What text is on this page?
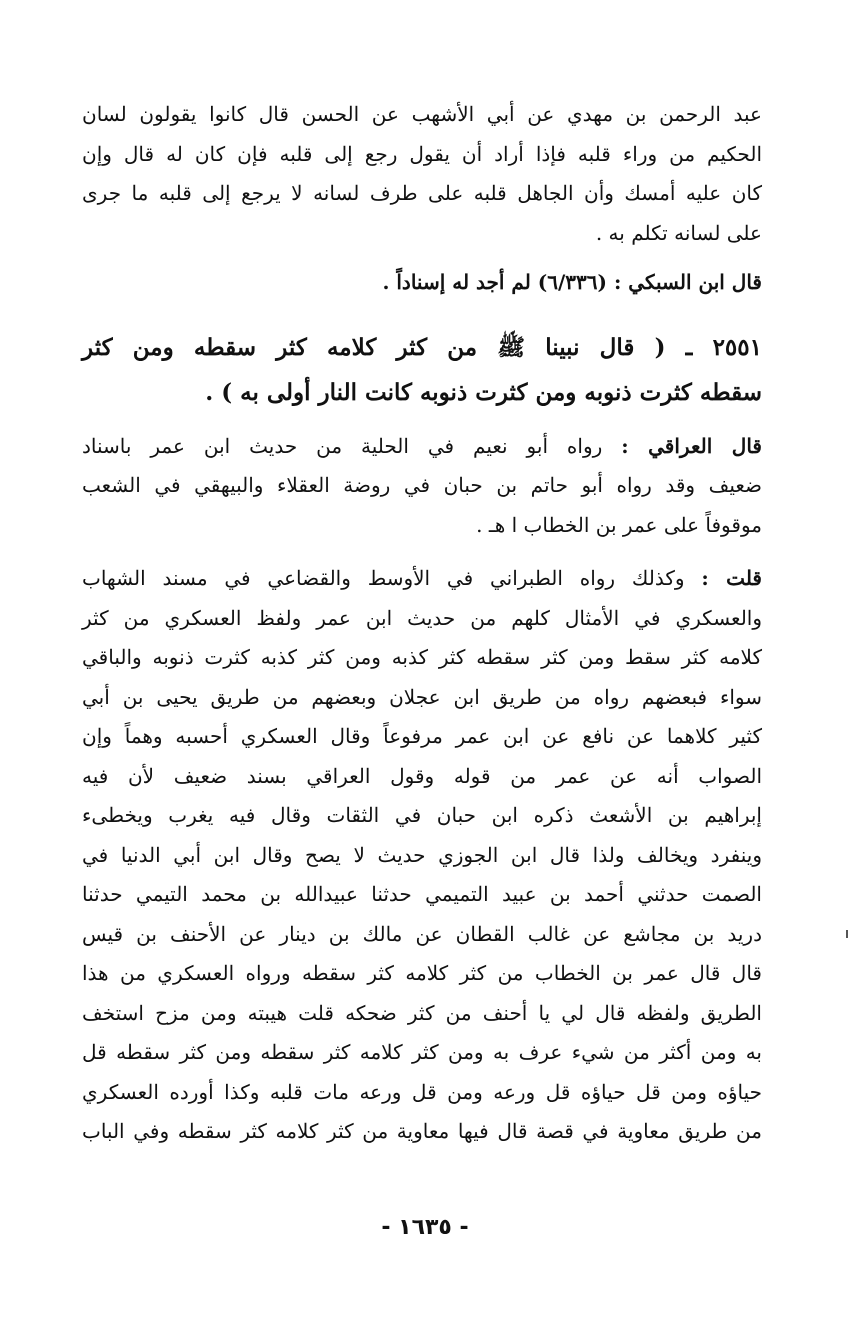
عبد الرحمن بن مهدي عن أبي الأشهب عن الحسن قال كانوا يقولون لسان
الحكيم من وراء قلبه فإذا أراد أن يقول رجع إلى قلبه فإن كان له قال وإن
كان عليه أمسك وأن الجاهل قلبه على طرف لسانه لا يرجع إلى قلبه ما جرى
على لسانه تكلم به .
قال ابن السبكي : (٦/٣٣٦) لم أجد له إسناداً .
٢٥٥١ ـ ( قال نبينا ﷺ من كثر كلامه كثر سقطه ومن كثر
سقطه كثرت ذنوبه ومن كثرت ذنوبه كانت النار أولى به ) .
قال العراقي : رواه أبو نعيم في الحلية من حديث ابن عمر باسناد
ضعيف وقد رواه أبو حاتم بن حبان في روضة العقلاء والبيهقي في الشعب
موقوفاً على عمر بن الخطاب ا هـ .
قلت : وكذلك رواه الطبراني في الأوسط والقضاعي في مسند الشهاب
والعسكري في الأمثال كلهم من حديث ابن عمر ولفظ العسكري من كثر
كلامه كثر سقط ومن كثر سقطه كثر كذبه ومن كثر كذبه كثرت ذنوبه والباقي
سواء فبعضهم رواه من طريق ابن عجلان وبعضهم من طريق يحيى بن أبي
كثير كلاهما عن نافع عن ابن عمر مرفوعاً وقال العسكري أحسبه وهماً وإن
الصواب أنه عن عمر من قوله وقول العراقي بسند ضعيف لأن فيه
إبراهيم بن الأشعث ذكره ابن حبان في الثقات وقال فيه يغرب ويخطىء
وينفرد ويخالف ولذا قال ابن الجوزي حديث لا يصح وقال ابن أبي الدنيا في
الصمت حدثني أحمد بن عبيد التميمي حدثنا عبيدالله بن محمد التيمي حدثنا
دريد بن مجاشع عن غالب القطان عن مالك بن دينار عن الأحنف بن قيس
قال قال عمر بن الخطاب من كثر كلامه كثر سقطه ورواه العسكري من هذا
الطريق ولفظه قال لي يا أحنف من كثر ضحكه قلت هيبته ومن مزح استخف
به ومن أكثر من شيء عرف به ومن كثر كلامه كثر سقطه ومن كثر سقطه قل
حياؤه ومن قل حياؤه قل ورعه ومن قل ورعه مات قلبه وكذا أورده العسكري
من طريق معاوية في قصة قال فيها معاوية من كثر كلامه كثر سقطه وفي الباب
- ١٦٣٥ -
